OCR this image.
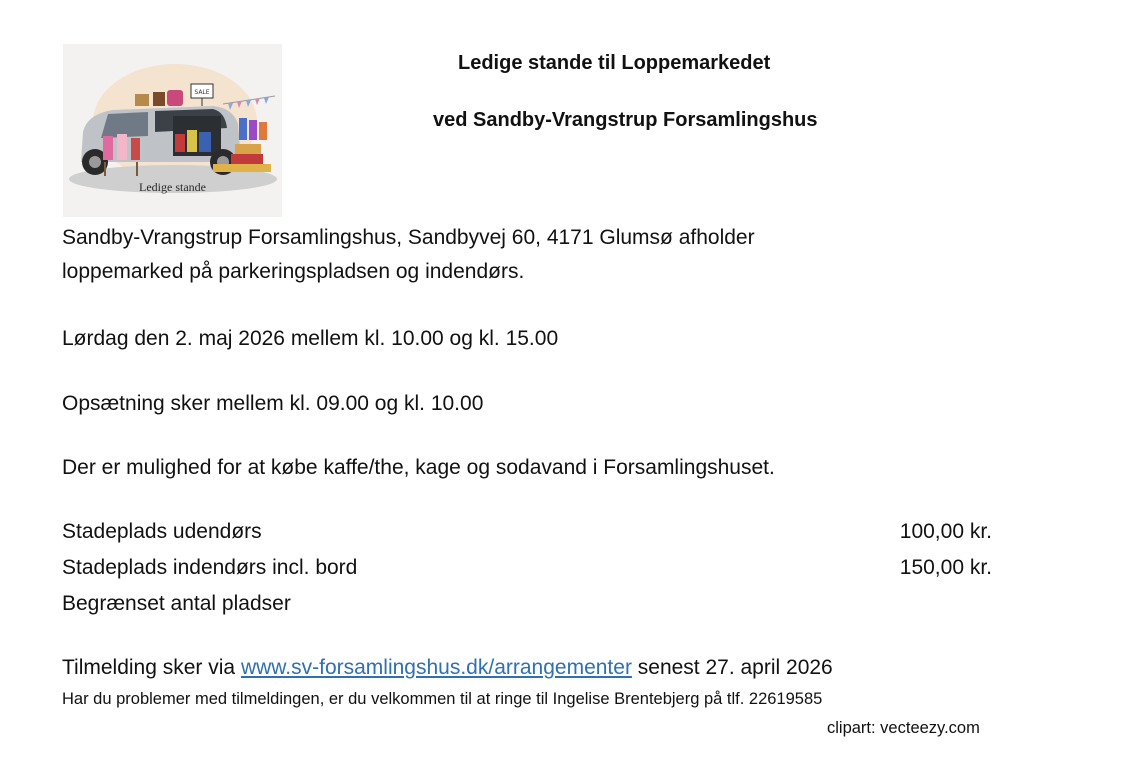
SALE
Ledige stande
Ledige stande til Loppemarkedet
ved Sandby-Vrangstrup Forsamlingshus
Sandby-Vrangstrup Forsamlingshus, Sandbyvej 60, 4171 Glumsø afholder
loppemarked på parkeringspladsen og indendørs.
Lørdag den 2. maj 2026 mellem kl. 10.00 og kl. 15.00
Opsætning sker mellem kl. 09.00 og kl. 10.00
Der er mulighed for at købe kaffe/the, kage og sodavand i Forsamlingshuset.
Stadeplads udendørs	100,00 kr.
Stadeplads indendørs incl. bord	150,00 kr.
Begrænset antal pladser
Tilmelding sker via www.sv-forsamlingshus.dk/arrangementer senest 27. april 2026
Har du problemer med tilmeldingen, er du velkommen til at ringe til Ingelise Brentebjerg på tlf. 22619585
clipart: vecteezy.com
